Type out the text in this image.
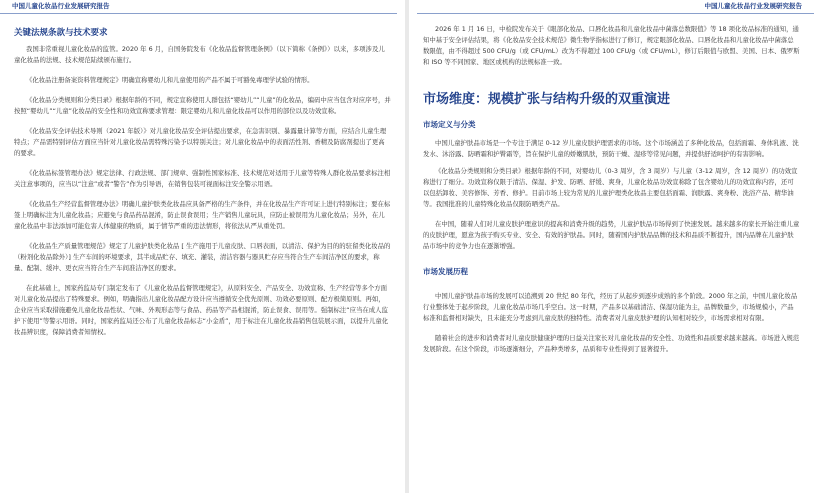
中国儿童化妆品行业发展研究报告
关键法规条款与技术要求

我国非常重视儿童化妆品的监管。2020 年 6 月，自国务院发布《化妆品监督管理条例》（以下简称《条例》）以来，多项涉及儿童化妆品的法规、技术规范陆续颁布施行。

《化妆品注册备案资料管理规定》明确宣称婴幼儿和儿童使用的产品不属于可豁免毒理学试验的情形。

《化妆品分类规则和分类目录》根据年龄的不同，规定宣称使用人群包括“婴幼儿”“儿童”的化妆品，编码中应当包含对应序号，并按照“婴幼儿”“儿童”化妆品的安全性和功效宣称要求管理：限定婴幼儿和儿童化妆品可以作用的部位以及功效宣称。

《化妆品安全评估技术导则（2021 年版）》对儿童化妆品安全评估提出要求，在急害识别、暴露量计算等方面，应结合儿童生理特点；产品需特别评估方面应当针对儿童化妆品需特殊污染予以特别关注；对儿童化妆品中的表面活性剂、香精及防腐剂提出了更高的要求。

《化妆品标签管理办法》规定法律、行政法规、部门规章、强制性国家标准、技术规范对适用于儿童等特殊人群化妆品要求标注相关注意事项的，应当以“注意”或者“警告”作为引导语，在销售包装可视面标注安全警示用语。

《化妆品生产经营监督管理办法》明确儿童护肤类化妆品应具备严格的生产条件，并在化妆品生产许可证上进行特别标注；要在标签上明确标注为儿童化妆品；应避免与食品药品混淆，防止误食误用；生产销售儿童玩具，应防止被误用为儿童化妆品；另外，在儿童化妆品中非法添加可能危害人体健康的物质，属于情节严重的违法情形，将依法从严从重处罚。

《化妆品生产质量管理规范》规定了儿童护肤类化妆品 [ 生产施用于儿童皮肤、口唇表面，以清洁、保护为目的的驻留类化妆品的（粉剂化妆品除外）] 生产车间的环境要求，其半成品贮存、填充、灌装，清洁容器与器具贮存应当符合生产车间洁净区的要求，称量、配制、缓冲、更衣应当符合生产车间准洁净区的要求。

在此基础上，国家药监局专门制定发布了《儿童化妆品监督管理规定》，从原料安全、产品安全、功效宣称、生产经营等多个方面对儿童化妆品提出了特殊要求。例如，明确指出儿童化妆品配方设计应当遵循安全优先原则、功效必要原则、配方极简原则。再如，企业应当采取措施避免儿童化妆品性状、气味、外观形态等与食品、药品等产品相混淆，防止误食、误用等。强制标注“应当在成人监护下使用”等警示用语。同时，国家药监局还公布了儿童化妆品标志“小金盾”，用于标注在儿童化妆品销售包装展示面，以提升儿童化妆品辨识度，保障消费者知情权。

中国儿童化妆品行业发展研究报告

2026 年 1 月 16 日，中检院发布关于《眼部化妆品、口唇化妆品和儿童化妆品中菌落总数限值》等 18 项化妆品标准的通知，通知中基于安全评估结果，将《化妆品安全技术规范》微生物学指标进行了修订，规定眼部化妆品、口唇化妆品和儿童化妆品中菌落总数限值，由不得超过 500 CFU/g（或 CFU/mL）改为不得超过 100 CFU/g（或 CFU/mL），修订后限值与欧盟、美国、日本、俄罗斯和 ISO 等不同国家、地区或机构的法规标准一致。

市场维度：规模扩张与结构升级的双重演进
市场定义与分类

中国儿童护肤品市场是一个专注于满足 0-12 岁儿童皮肤护理需求的市场。这个市场涵盖了多种化妆品，包括面霜、身体乳液、洗发水、沐浴露、防晒霜和护臀霜等，旨在保护儿童的娇嫩肌肤，预防干燥、湿疹等常见问题，并提供舒适呵护的有害影响。

《化妆品分类规则和分类目录》根据年龄的不同，对婴幼儿（0-3 周岁，含 3 周岁）与儿童（3-12 周岁，含 12 周岁）的功效宣称进行了细分。功效宣称仅限于清洁、保湿、护发、防晒、舒缓、爽身，儿童化妆品功效宣称除了包含婴幼儿的功效宣称内容，还可以包括卸妆、美容修饰、芳香、修护。目前市场上较为常见的儿童护理类化妆品主要包括面霜、润肤露、爽身粉、洗浴产品、精华油等。我国批准的儿童特殊化妆品仅限防晒类产品。

在中国，随着人们对儿童皮肤护理意识的提高和消费升级的趋势，儿童护肤品市场得到了快速发展。越来越多的家长开始注重儿童的皮肤护理，愿意为孩子购买专业、安全、有效的护肤品。同时，随着国内护肤品品牌的技术和品质不断提升，国内品牌在儿童护肤品市场中的竞争力也在逐渐增强。

市场发展历程

中国儿童护肤品市场的发展可以追溯到 20 世纪 80 年代，经历了从起步到逐步成熟的多个阶段。2000 年之前，中国儿童化妆品行业整体处于起步阶段，儿童化妆品市场几乎空白。这一时期，产品多以基础清洁、保湿功能为主，品牌数量少，市场规模小，产品标准和监督相对缺失，且未能充分考虑到儿童皮肤的独特性。消费者对儿童皮肤护理的认知相对较少，市场需求相对有限。

随着社会的进步和消费者对儿童皮肤健康护理的日益关注家长对儿童化妆品的安全性、功效性和品质要求越来越高。市场进入规范发展阶段。在这个阶段，市场逐渐细分，产品种类增多，品质和专业性得到了显著提升。
